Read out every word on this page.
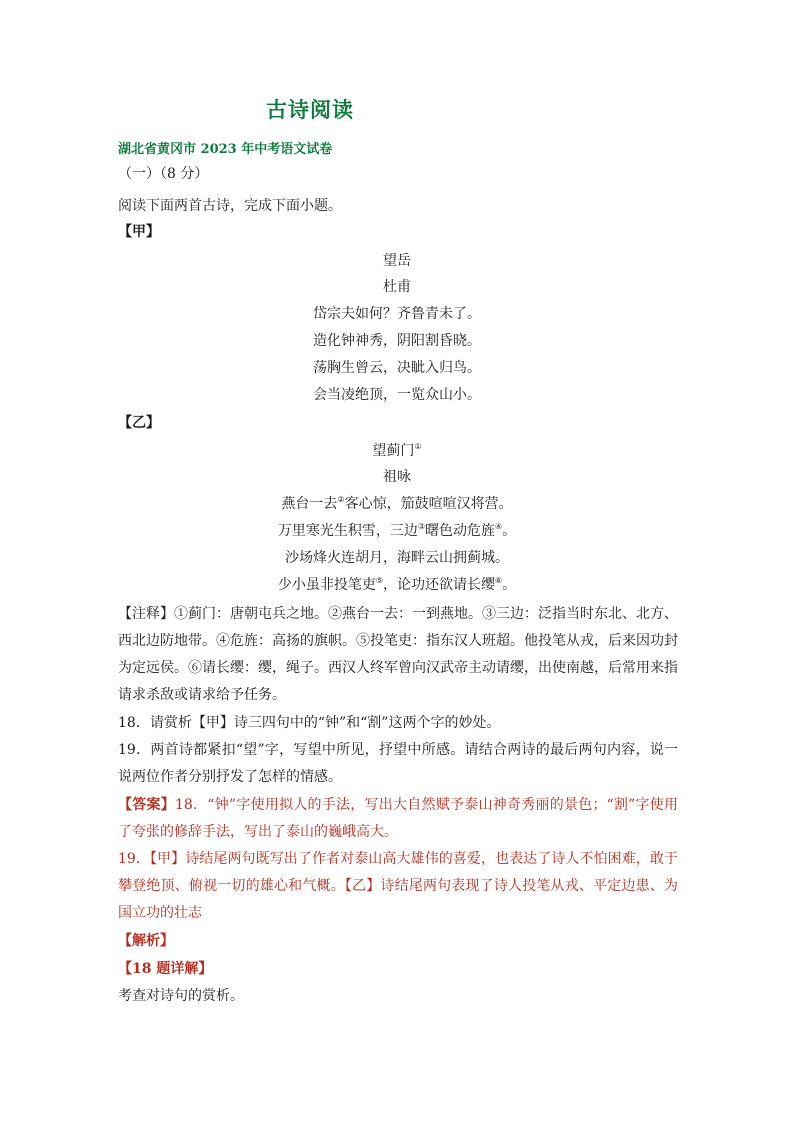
古诗阅读
湖北省黄冈市 2023 年中考语文试卷
（一）（8 分）
阅读下面两首古诗，完成下面小题。
【甲】
望岳
杜甫
岱宗夫如何？齐鲁青未了。
造化钟神秀，阴阳割昏晓。
荡胸生曾云，决眦入归鸟。
会当凌绝顶，一览众山小。
【乙】
望蓟门①
祖咏
燕台一去②客心惊，笳鼓喧喧汉将营。
万里寒光生积雪，三边③曙色动危旌④。
沙场烽火连胡月，海畔云山拥蓟城。
少小虽非投笔吏⑤，论功还欲请长缨⑥。
【注释】①蓟门：唐朝屯兵之地。②燕台一去：一到燕地。③三边：泛指当时东北、北方、西北边防地带。④危旌：高扬的旗帜。⑤投笔吏：指东汉人班超。他投笔从戎，后来因功封为定远侯。⑥请长缨：缨，绳子。西汉人终军曾向汉武帝主动请缨，出使南越，后常用来指请求杀敌或请求给予任务。
18．请赏析【甲】诗三四句中的“钟”和“割”这两个字的妙处。
19．两首诗都紧扣“望”字，写望中所见，抒望中所感。请结合两诗的最后两句内容，说一说两位作者分别抒发了怎样的情感。
【答案】18．“钟”字使用拟人的手法，写出大自然赋予泰山神奇秀丽的景色；“割”字使用了夸张的修辞手法，写出了泰山的巍峨高大。
19．【甲】诗结尾两句既写出了作者对泰山高大雄伟的喜爱，也表达了诗人不怕困难，敢于攀登绝顶、俯视一切的雄心和气概。【乙】诗结尾两句表现了诗人投笔从戎、平定边患、为国立功的壮志
【解析】
【18 题详解】
考查对诗句的赏析。
